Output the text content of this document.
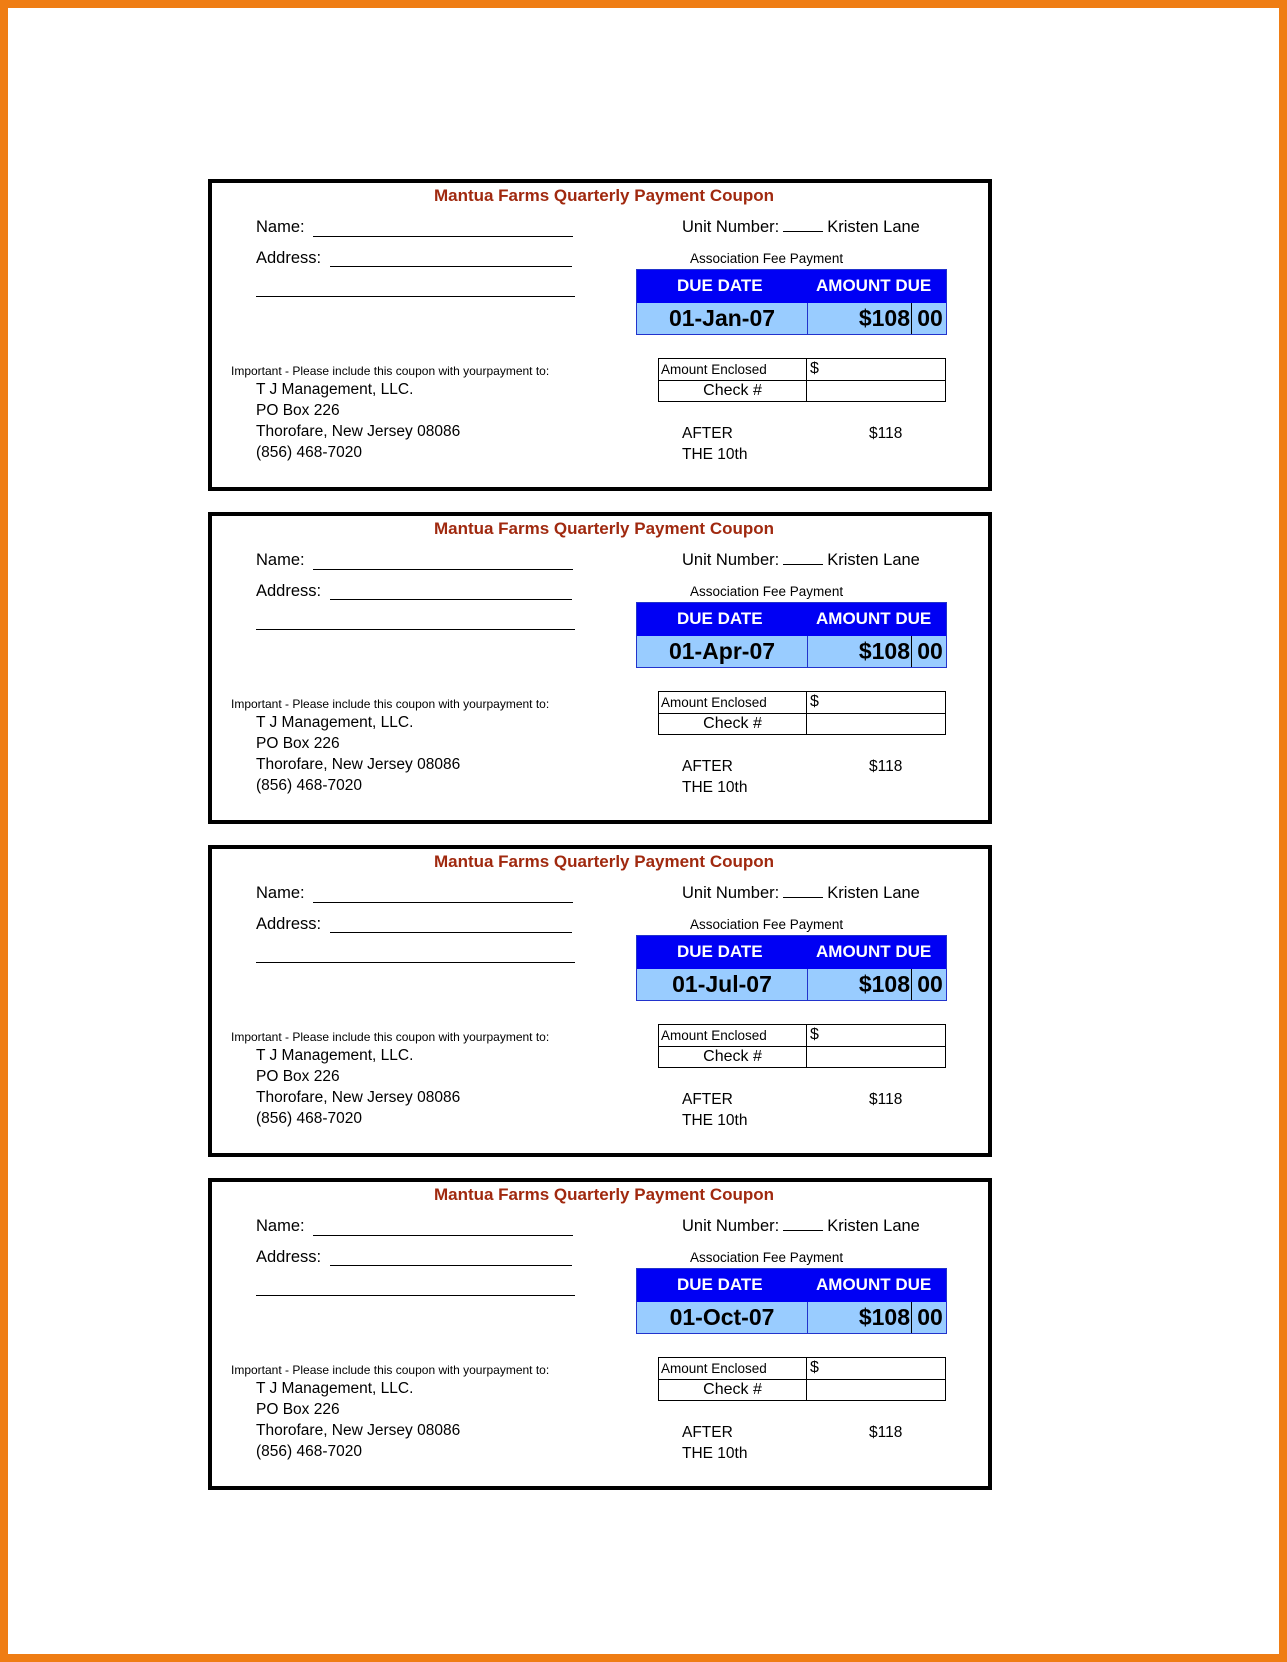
Mantua Farms Quarterly Payment Coupon
Name:
Address:
Unit Number:	Kristen Lane
Association Fee Payment
DUE DATE	AMOUNT DUE
01-Jan-07	$108 00
Amount Enclosed	$
Check #
Important - Please include this coupon with yourpayment to:
T J Management, LLC.
PO Box 226
Thorofare, New Jersey 08086
(856) 468-7020
AFTER
THE 10th
$118
Mantua Farms Quarterly Payment Coupon
Name:
Address:
Unit Number:	Kristen Lane
Association Fee Payment
DUE DATE	AMOUNT DUE
01-Apr-07	$108 00
Amount Enclosed	$
Check #
Important - Please include this coupon with yourpayment to:
T J Management, LLC.
PO Box 226
Thorofare, New Jersey 08086
(856) 468-7020
AFTER
THE 10th
$118
Mantua Farms Quarterly Payment Coupon
Name:
Address:
Unit Number:	Kristen Lane
Association Fee Payment
DUE DATE	AMOUNT DUE
01-Jul-07	$108 00
Amount Enclosed	$
Check #
Important - Please include this coupon with yourpayment to:
T J Management, LLC.
PO Box 226
Thorofare, New Jersey 08086
(856) 468-7020
AFTER
THE 10th
$118
Mantua Farms Quarterly Payment Coupon
Name:
Address:
Unit Number:	Kristen Lane
Association Fee Payment
DUE DATE	AMOUNT DUE
01-Oct-07	$108 00
Amount Enclosed	$
Check #
Important - Please include this coupon with yourpayment to:
T J Management, LLC.
PO Box 226
Thorofare, New Jersey 08086
(856) 468-7020
AFTER
THE 10th
$118
